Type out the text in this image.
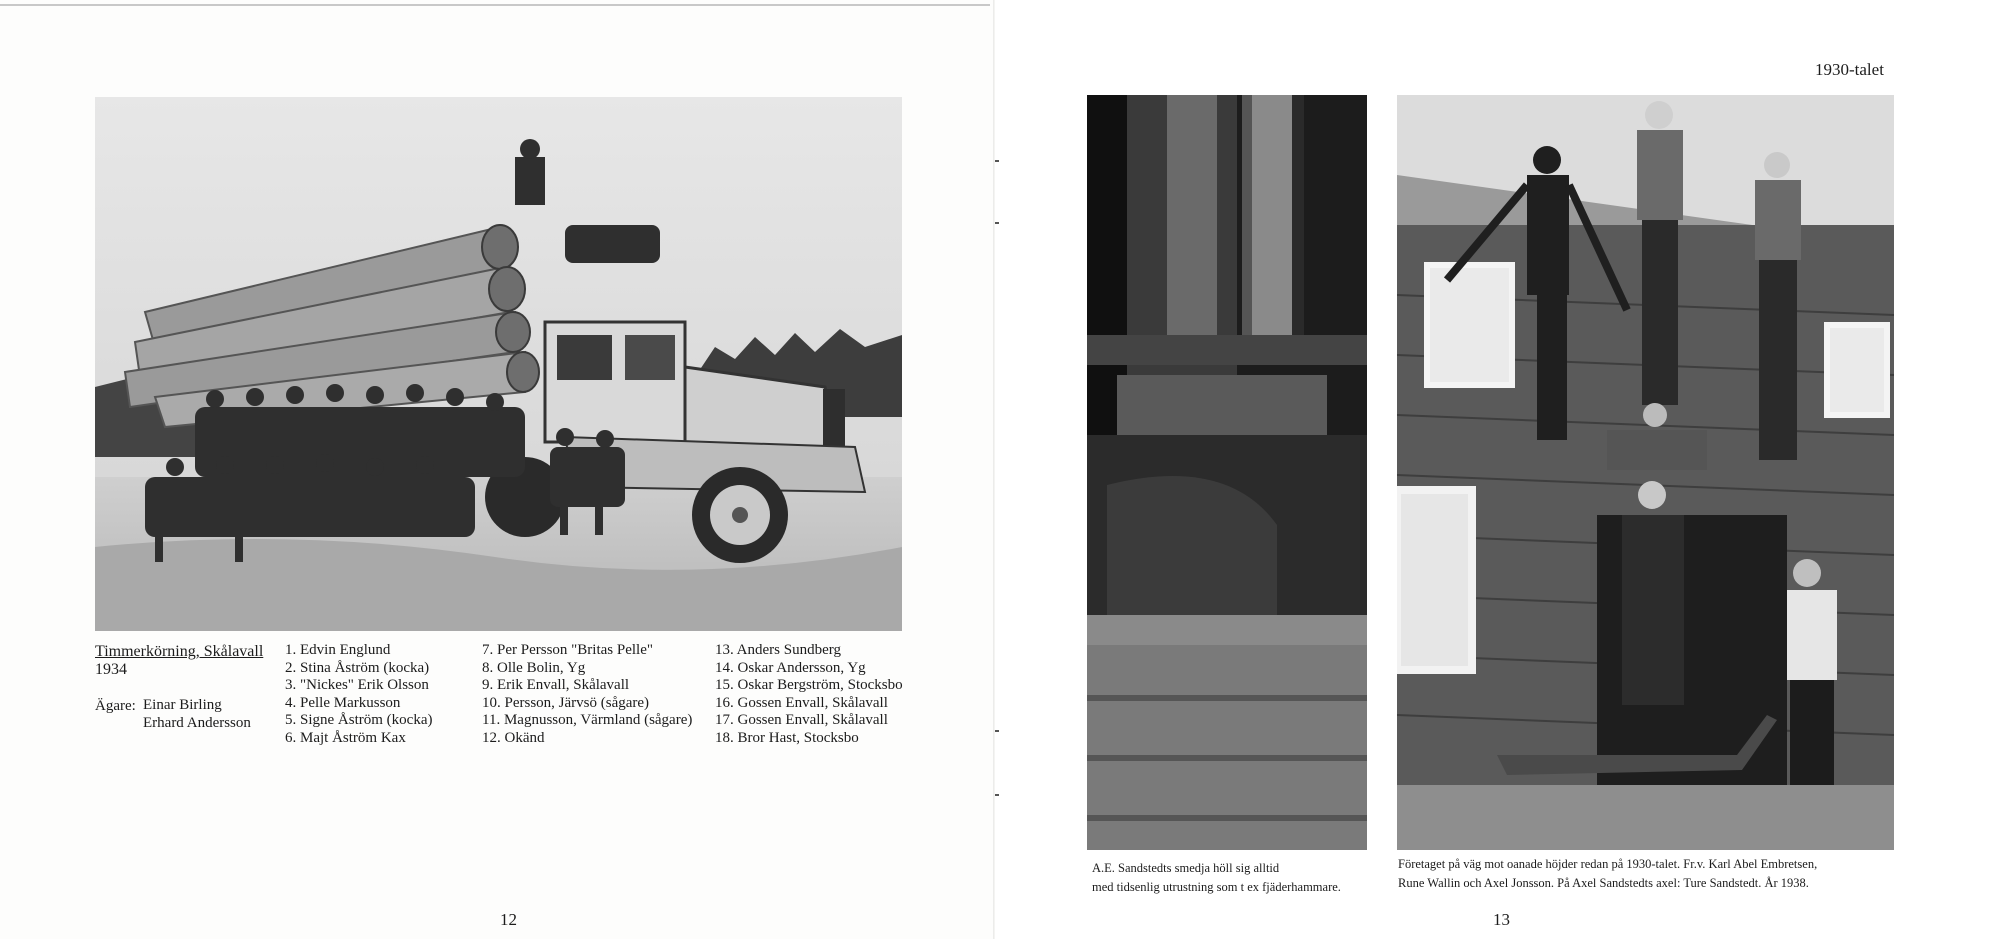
Timmerkörning, Skålavall
1934
Ägare: Einar Birling
Erhard Andersson
1. Edvin Englund
2. Stina Åström (kocka)
3. "Nickes" Erik Olsson
4. Pelle Markusson
5. Signe Åström (kocka)
6. Majt Åström Kax
7. Per Persson "Britas Pelle"
8. Olle Bolin, Yg
9. Erik Envall, Skålavall
10. Persson, Järvsö (sågare)
11. Magnusson, Värmland (sågare)
12. Okänd
13. Anders Sundberg
14. Oskar Andersson, Yg
15. Oskar Bergström, Stocksbo
16. Gossen Envall, Skålavall
17. Gossen Envall, Skålavall
18. Bror Hast, Stocksbo
12
1930-talet
A.E. Sandstedts smedja höll sig alltid
med tidsenlig utrustning som t ex fjäderhammare.
Företaget på väg mot oanade höjder redan på 1930-talet. Fr.v. Karl Abel Embretsen,
Rune Wallin och Axel Jonsson. På Axel Sandstedts axel: Ture Sandstedt. År 1938.
13
